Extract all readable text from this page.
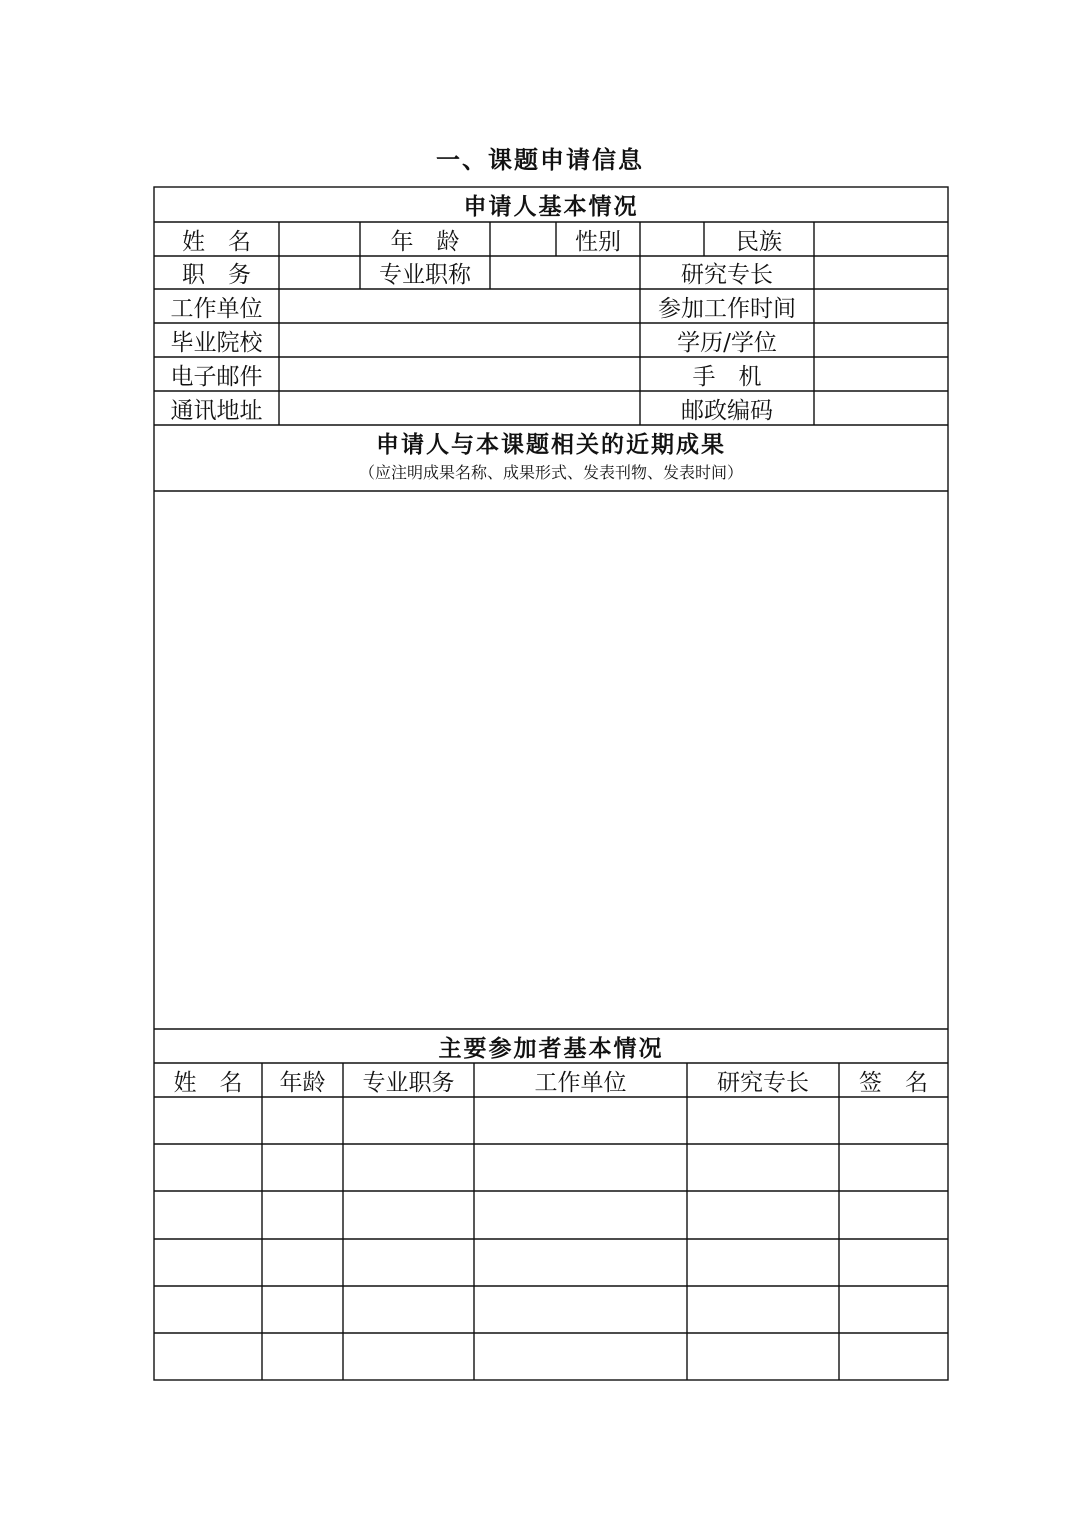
一、课题申请信息
申请人基本情况
姓　名	年　龄	性别	民族
职　务	专业职称	研究专长
工作单位	参加工作时间
毕业院校	学历/学位
电子邮件	手　机
通讯地址	邮政编码
申请人与本课题相关的近期成果
（应注明成果名称、成果形式、发表刊物、发表时间）
主要参加者基本情况
姓　名	年龄	专业职务	工作单位	研究专长	签　名
